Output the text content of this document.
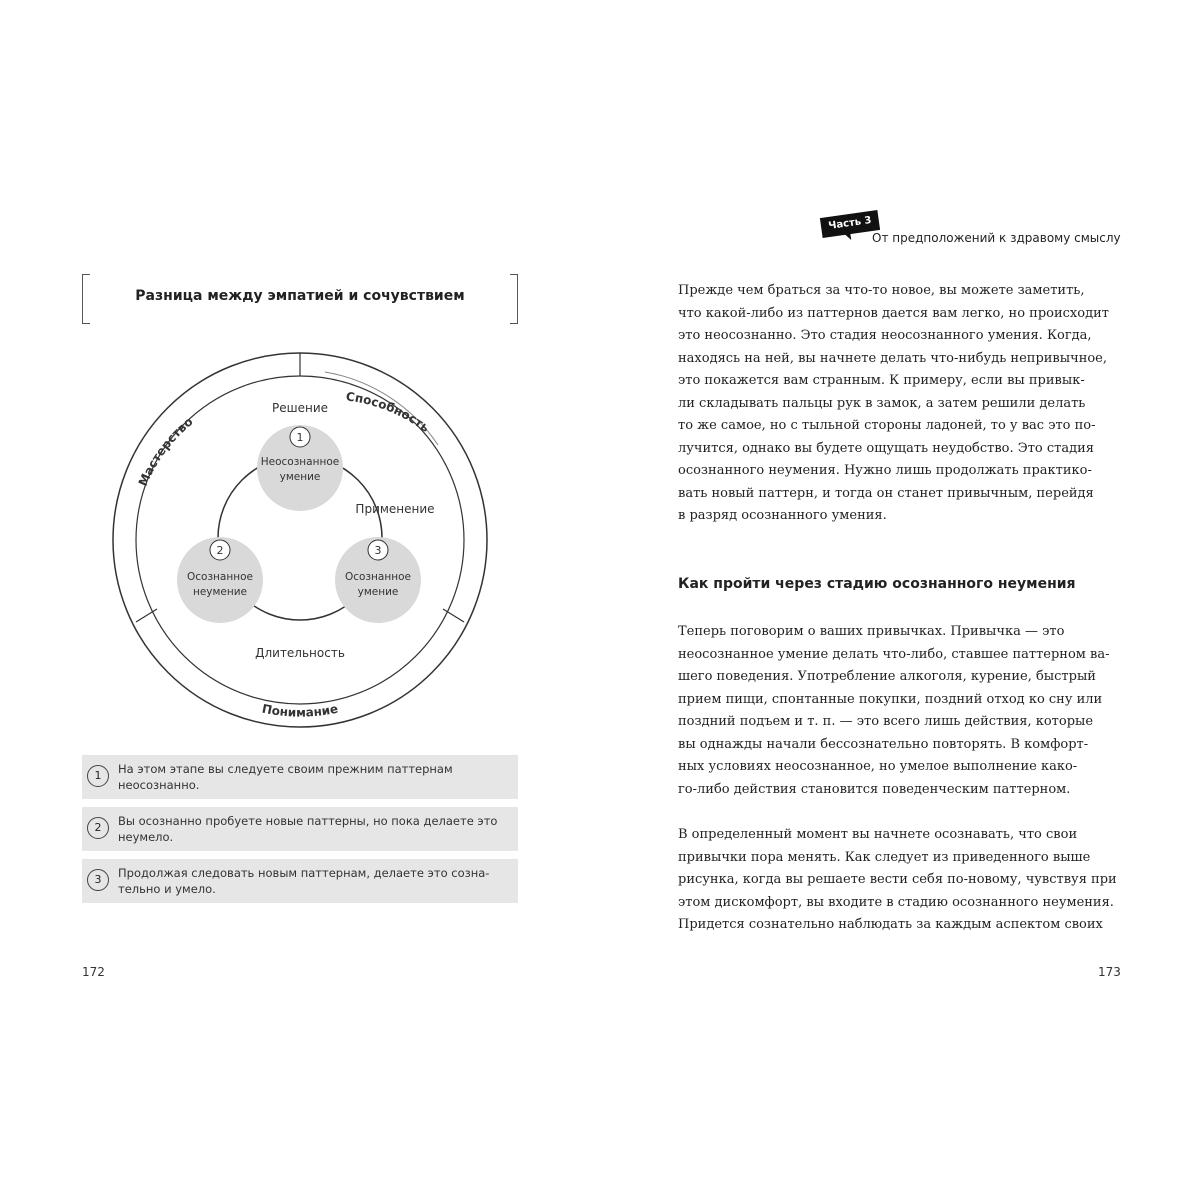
Разница между эмпатией и сочувствием
Способность
Мастерство
Понимание
1
Неосознанное
умение
2
Осознанное
неумение
3
Осознанное
умение
Решение
Применение
Длительность
1	На этом этапе вы следуете своим прежним паттернам
неосознанно.
2	Вы осознанно пробуете новые паттерны, но пока делаете это
неумело.
3	Продолжая следовать новым паттернам, делаете это созна-
тельно и умело.
172
Часть 3
От предположений к здравому смыслу
Прежде чем браться за что-то новое, вы можете заметить,
что какой-либо из паттернов дается вам легко, но происходит
это неосознанно. Это стадия неосознанного умения. Когда,
находясь на ней, вы начнете делать что-нибудь непривычное,
это покажется вам странным. К примеру, если вы привык-
ли складывать пальцы рук в замок, а затем решили делать
то же самое, но с тыльной стороны ладоней, то у вас это по-
лучится, однако вы будете ощущать неудобство. Это стадия
осознанного неумения. Нужно лишь продолжать практико-
вать новый паттерн, и тогда он станет привычным, перейдя
в разряд осознанного умения.
Как пройти через стадию осознанного неумения
Теперь поговорим о ваших привычках. Привычка — это
неосознанное умение делать что-либо, ставшее паттерном ва-
шего поведения. Употребление алкоголя, курение, быстрый
прием пищи, спонтанные покупки, поздний отход ко сну или
поздний подъем и т. п. — это всего лишь действия, которые
вы однажды начали бессознательно повторять. В комфорт-
ных условиях неосознанное, но умелое выполнение како-
го-либо действия становится поведенческим паттерном.
В определенный момент вы начнете осознавать, что свои
привычки пора менять. Как следует из приведенного выше
рисунка, когда вы решаете вести себя по-новому, чувствуя при
этом дискомфорт, вы входите в стадию осознанного неумения.
Придется сознательно наблюдать за каждым аспектом своих
173
